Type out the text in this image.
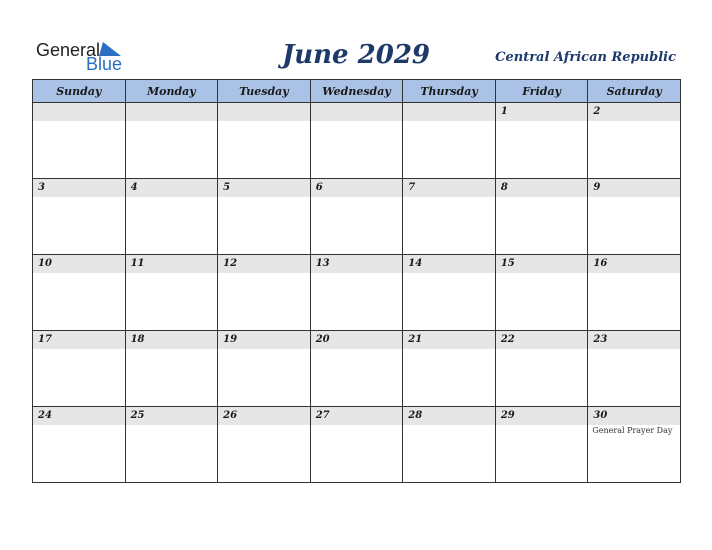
General
Blue	June 2029	Central African Republic
Sunday	Monday	Tuesday	Wednesday	Thursday	Friday	Saturday

					1	2

3	4	5	6	7	8	9

10	11	12	13	14	15	16

17	18	19	20	21	22	23

24	25	26	27	28	29	30
General Prayer Day
